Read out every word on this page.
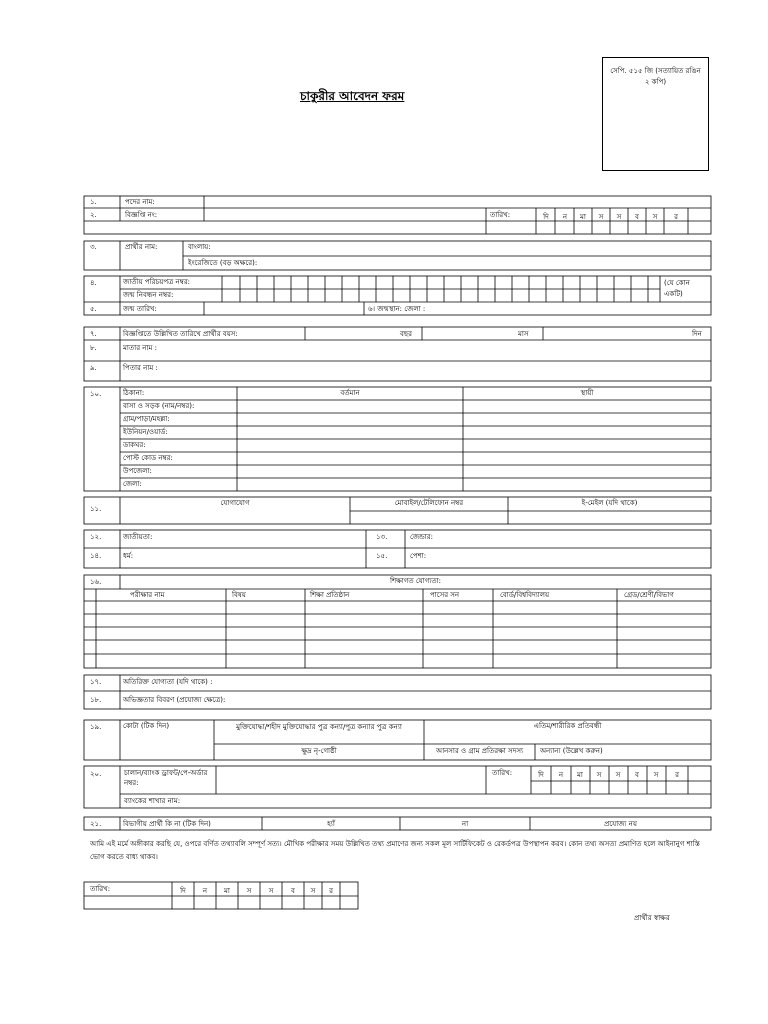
সেপি. ৫১৫ জি (সত্যায়িত রঙিন ২ কপি)
চাকুরীর আবেদন ফরম
১.	পদের নাম:
২.	বিজ্ঞপ্তি নং:	তারিখ:	দি	ন	মা	স	স	ব	স	র
৩.	প্রার্থীর নাম:	বাংলায়:
ইংরেজিতে (বড় অক্ষরে):
৪.	জাতীয় পরিচয়পত্র নম্বর:
জন্ম নিবন্ধন নম্বর:
(যে কোন একটি)
৫.	জন্ম তারিখ:	৬। জন্মস্থান: জেলা :
৭.	বিজ্ঞপ্তিতে উল্লিখিত তারিখে প্রার্থীর বয়স:	বছর	মাস	দিন
৮.	মাতার নাম :
৯.	পিতার নাম :
১০.	ঠিকানা:	বর্তমান	স্থায়ী
বাসা ও সড়ক (নাম/নম্বর):
গ্রাম/পাড়া/মহল্লা:
ইউনিয়ন/ওয়ার্ড:
ডাকঘর:
পোস্ট কোড নম্বর:
উপজেলা:
জেলা:
১১.
যোগাযোগ	মোবাইল/টেলিফোন নম্বর	ই-মেইল (যদি থাকে)
১২.	জাতীয়তা:	১৩.	জেন্ডার:
১৪.	ধর্ম:	১৫.	পেশা:
১৬.	শিক্ষাগত যোগ্যতা:
পরীক্ষার নাম	বিষয়	শিক্ষা প্রতিষ্ঠান	পাসের সন	বোর্ড/বিশ্ববিদ্যালয়	গ্রেড/শ্রেণী/বিভাগ
১৭.	অতিরিক্ত যোগ্যতা (যদি থাকে) :
১৮.	অভিজ্ঞতার বিবরণ (প্রযোজ্য ক্ষেত্রে):
১৯.	কোটা (টিক দিন)	মুক্তিযোদ্ধা/শহীদ মুক্তিযোদ্ধার পুত্র কন্যা/পুত্র কন্যার পুত্র কন্যা	এতিম/শারীরিক প্রতিবন্ধী
ক্ষুদ্র নৃ-গোষ্ঠী	আনসার ও গ্রাম প্রতিরক্ষা সদস্য	অন্যান্য (উল্লেখ করুন)
২০.	চালান/ব্যাংক ড্রাফট/পে-অর্ডার নম্বর:
তারিখ:	দি	ন	মা	স	স	ব	স	র
ব্যাংকের শাখার নাম:
২১.	বিভাগীয় প্রার্থী কি না (টিক দিন)	হ্যাঁ	না	প্রযোজ্য নয়
আমি এই মর্মে অঙ্গীকার করছি যে, ওপরে বর্ণিত তথ্যাবলি সম্পূর্ণ সত্য। মৌখিক পরীক্ষার সময় উল্লিখিত তথ্য প্রমাণের জন্য সকল মূল সার্টিফিকেট ও রেকর্ডপত্র উপস্থাপন করব। কোন তথ্য অসত্য প্রমাণিত হলে আইনানুগ শাস্তি ভোগ করতে বাধ্য থাকব।
তারিখ:	দি	ন	মা	স	স	ব	স	র
প্রার্থীর স্বাক্ষর
